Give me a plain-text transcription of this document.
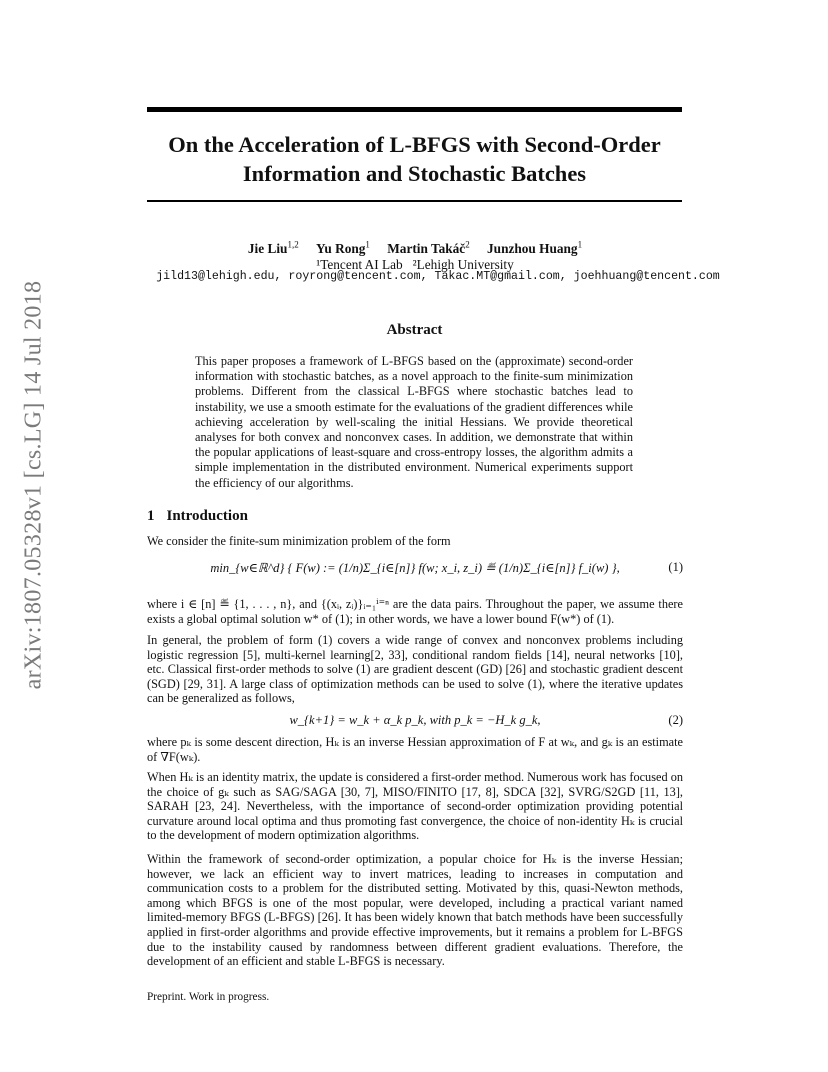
On the Acceleration of L-BFGS with Second-Order
Information and Stochastic Batches
arXiv:1807.05328v1 [cs.LG] 14 Jul 2018
Jie Liu$^{1,2}$ Yu Rong$^1$ Martin Takáč$^2$ Junzhou Huang$^1$
¹Tencent AI Lab   ²Lehigh University
jild13@lehigh.edu, royrong@tencent.com, Takac.MT@gmail.com, joehhuang@tencent.com
Abstract

This paper proposes a framework of L-BFGS based on the (approximate) second-order information with stochastic batches, as a novel approach to the finite-sum minimization problems. Different from the classical L-BFGS where stochastic batches lead to instability, we use a smooth estimate for the evaluations of the gradient differences while achieving acceleration by well-scaling the initial Hessians. We provide theoretical analyses for both convex and nonconvex cases. In addition, we demonstrate that within the popular applications of least-square and cross-entropy losses, the algorithm admits a simple implementation in the distributed environment. Numerical experiments support the efficiency of our algorithms.

1 Introduction

We consider the finite-sum minimization problem of the form

min_{w∈ℝ^d} { F(w) := (1/n)Σ_{i∈[n]} f(w; x_i, z_i) ≝ (1/n)Σ_{i∈[n]} f_i(w) },	(1)

where i ∈ [n] ≝ {1, . . . , n}, and {(xᵢ, zᵢ)}ᵢ₌₁ⁱ⁼ⁿ are the data pairs. Throughout the paper, we assume there exists a global optimal solution w* of (1); in other words, we have a lower bound F(w*) of (1).

In general, the problem of form (1) covers a wide range of convex and nonconvex problems including logistic regression [5], multi-kernel learning[2, 33], conditional random fields [14], neural networks [10], etc. Classical first-order methods to solve (1) are gradient descent (GD) [26] and stochastic gradient descent (SGD) [29, 31]. A large class of optimization methods can be used to solve (1), where the iterative updates can be generalized as follows,

w_{k+1} = w_k + α_k p_k, with p_k = −H_k g_k,	(2)

where pₖ is some descent direction, Hₖ is an inverse Hessian approximation of F at wₖ, and gₖ is an estimate of ∇F(wₖ).

When Hₖ is an identity matrix, the update is considered a first-order method. Numerous work has focused on the choice of gₖ such as SAG/SAGA [30, 7], MISO/FINITO [17, 8], SDCA [32], SVRG/S2GD [11, 13], SARAH [23, 24]. Nevertheless, with the importance of second-order optimization providing potential curvature around local optima and thus promoting fast convergence, the choice of non-identity Hₖ is crucial to the development of modern optimization algorithms.

Within the framework of second-order optimization, a popular choice for Hₖ is the inverse Hessian; however, we lack an efficient way to invert matrices, leading to increases in computation and communication costs to a problem for the distributed setting. Motivated by this, quasi-Newton methods, among which BFGS is one of the most popular, were developed, including a practical variant named limited-memory BFGS (L-BFGS) [26]. It has been widely known that batch methods have been successfully applied in first-order algorithms and provide effective improvements, but it remains a problem for L-BFGS due to the instability caused by randomness between different gradient evaluations. Therefore, the development of an efficient and stable L-BFGS is necessary.

Preprint. Work in progress.
